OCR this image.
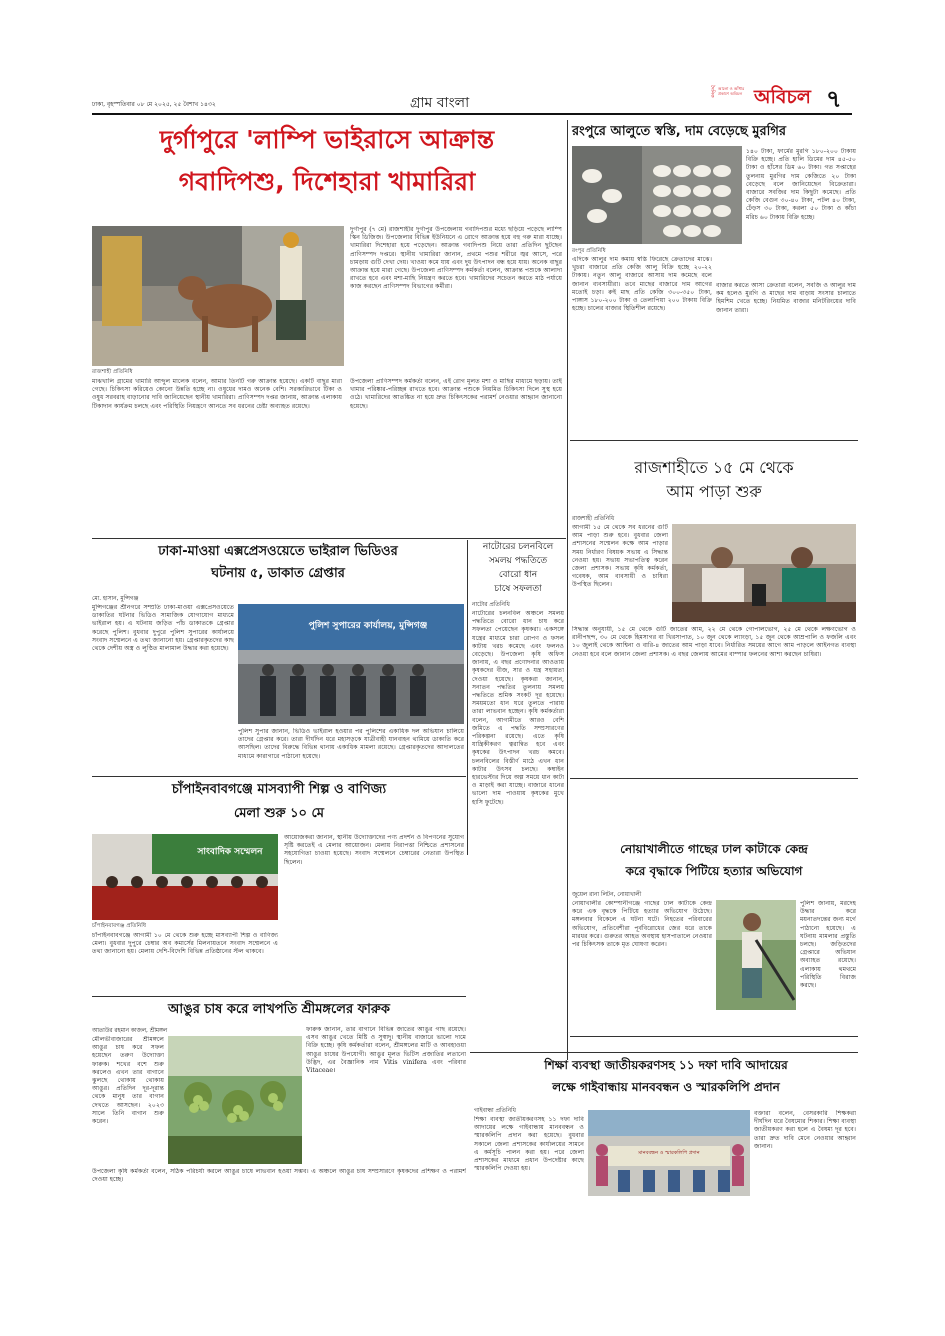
ঢাকা, বৃহস্পতিবার ০৮ মে ২০২৫, ২৫ বৈশাখ ১৪৩২	গ্রাম বাংলা
দৈনিক আলো ও আঁধার প্রকাশে অবিচল অবিচল ৭
দুর্গাপুরে 'লাম্পি ভাইরাসে আক্রান্ত
গবাদিপশু, দিশেহারা খামারিরা
রাজশাহী প্রতিনিধি
দুর্গাপুর (৭ মে) রাজশাহীর দুর্গাপুর উপজেলায় গবাদিপশুর মধ্যে ছড়িয়ে পড়েছে লাম্পি স্কিন ডিজিজ। উপজেলার বিভিন্ন ইউনিয়নে এ রোগে আক্রান্ত হয়ে বহু গরু মারা যাচ্ছে। খামারিরা দিশেহারা হয়ে পড়েছেন। আক্রান্ত গবাদিপশু নিয়ে তারা প্রতিদিন ছুটছেন প্রাণিসম্পদ দপ্তরে। স্থানীয় খামারিরা জানান, প্রথমে পশুর শরীরে জ্বর আসে, পরে চামড়ায় গুটি দেখা দেয়। খাওয়া কমে যায় এবং দুধ উৎপাদন বন্ধ হয়ে যায়। অনেক বাছুর আক্রান্ত হয়ে মারা গেছে। উপজেলা প্রাণিসম্পদ কর্মকর্তা বলেন, আক্রান্ত পশুকে আলাদা রাখতে হবে এবং মশা-মাছি নিয়ন্ত্রণ করতে হবে। খামারিদের সচেতন করতে মাঠ পর্যায়ে কাজ করছেন প্রাণিসম্পদ বিভাগের কর্মীরা।
মাঝখালি গ্রামের খামারি আব্দুল মালেক বলেন, আমার তিনটি গরু আক্রান্ত হয়েছে। একটি বাছুর মারা গেছে। চিকিৎসা করিয়েও কোনো উন্নতি হচ্ছে না। ওষুধের দামও অনেক বেশি। সরকারিভাবে টিকা ও ওষুধ সরবরাহ বাড়ানোর দাবি জানিয়েছেন স্থানীয় খামারিরা। প্রাণিসম্পদ দপ্তর জানায়, আক্রান্ত এলাকায় টিকাদান কার্যক্রম চলছে এবং পরিস্থিতি নিয়ন্ত্রণে আনতে সব ধরনের চেষ্টা অব্যাহত রয়েছে।
উপজেলা প্রাণিসম্পদ কর্মকর্তা বলেন, এই রোগ মূলত মশা ও মাছির মাধ্যমে ছড়ায়। তাই খামার পরিষ্কার-পরিচ্ছন্ন রাখতে হবে। আক্রান্ত পশুকে নিয়মিত চিকিৎসা দিলে সুস্থ হয়ে ওঠে। খামারিদের আতঙ্কিত না হয়ে দ্রুত চিকিৎসকের পরামর্শ নেওয়ার আহ্বান জানানো হয়েছে।
রংপুরে আলুতে স্বস্তি, দাম বেড়েছে মুরগির
রংপুর প্রতিনিধি
১৪০ টাকা, ফার্মের মুরগি ১৮০-২০০ টাকায় বিক্রি হচ্ছে। প্রতি হালি ডিমের দাম ৪৫-৫০ টাকা ও হাঁসের ডিম ৬০ টাকা। গত সপ্তাহের তুলনায় মুরগির দাম কেজিতে ২০ টাকা বেড়েছে বলে জানিয়েছেন বিক্রেতারা। বাজারে সবজির দাম কিছুটা কমেছে। প্রতি কেজি বেগুন ৩০-৪০ টাকা, পটল ৪০ টাকা, ঢেঁড়স ৩০ টাকা, করলা ৫০ টাকা ও কাঁচা মরিচ ৬০ টাকায় বিক্রি হচ্ছে।
এদিকে আলুর দাম কমায় স্বস্তি ফিরেছে ক্রেতাদের মাঝে। খুচরা বাজারে প্রতি কেজি আলু বিক্রি হচ্ছে ২০-২২ টাকায়। নতুন আলু বাজারে আসায় দাম কমেছে বলে জানান ব্যবসায়ীরা। তবে মাছের বাজারে দাম আগের মতোই চড়া। রুই মাছ প্রতি কেজি ৩০০-৩৫০ টাকা, পাঙ্গাস ১৮০-২০০ টাকা ও তেলাপিয়া ২০০ টাকায় বিক্রি হচ্ছে। চালের বাজার স্থিতিশীল রয়েছে।
বাজার করতে আসা ক্রেতারা বলেন, সবজি ও আলুর দাম কম হলেও মুরগি ও মাছের দাম বাড়ায় সংসার চালাতে হিমশিম খেতে হচ্ছে। নিয়মিত বাজার মনিটরিংয়ের দাবি জানান তারা।
রাজশাহীতে ১৫ মে থেকে
আম পাড়া শুরু
রাজশাহী প্রতিনিধি
আগামী ১৫ মে থেকে সব ধরনের গুটি আম পাড়া শুরু হবে। বুধবার জেলা প্রশাসনের সম্মেলন কক্ষে আম পাড়ার সময় নির্ধারণ বিষয়ক সভায় এ সিদ্ধান্ত নেওয়া হয়। সভায় সভাপতিত্ব করেন জেলা প্রশাসক। সভায় কৃষি কর্মকর্তা, গবেষক, আম ব্যবসায়ী ও চাষিরা উপস্থিত ছিলেন।
সিদ্ধান্ত অনুযায়ী, ১৫ মে থেকে গুটি জাতের আম, ২২ মে থেকে গোপালভোগ, ২৫ মে থেকে লক্ষণভোগ ও রানীপছন্দ, ৩০ মে থেকে হিমসাগর বা খিরসাপাত, ১০ জুন থেকে ল্যাংড়া, ১৫ জুন থেকে আম্রপালি ও ফজলি এবং ১০ জুলাই থেকে আশ্বিনা ও বারি-৪ জাতের আম পাড়া যাবে। নির্ধারিত সময়ের আগে আম পাড়লে আইনগত ব্যবস্থা নেওয়া হবে বলে জানান জেলা প্রশাসক। এ বছর জেলায় আমের বাম্পার ফলনের আশা করছেন চাষিরা।
ঢাকা-মাওয়া এক্সপ্রেসওয়েতে ভাইরাল ভিডিওর
ঘটনায় ৫, ডাকাত গ্রেপ্তার
মো. হাসান, মুন্সিগঞ্জ
মুন্সিগঞ্জের শ্রীনগরে সম্প্রতি ঢাকা-মাওয়া এক্সপ্রেসওয়েতে ডাকাতির ঘটনার ভিডিও সামাজিক যোগাযোগ মাধ্যমে ভাইরাল হয়। এ ঘটনায় জড়িত পাঁচ ডাকাতকে গ্রেপ্তার করেছে পুলিশ। বুধবার দুপুরে পুলিশ সুপারের কার্যালয়ে সংবাদ সম্মেলনে এ তথ্য জানানো হয়। গ্রেপ্তারকৃতদের কাছ থেকে দেশীয় অস্ত্র ও লুণ্ঠিত মালামাল উদ্ধার করা হয়েছে।
পুলিশ সুপারের কার্যালয়, মুন্সিগঞ্জ
পুলিশ সুপার জানান, ভিডিও ভাইরাল হওয়ার পর পুলিশের একাধিক দল অভিযান চালিয়ে তাদের গ্রেপ্তার করে। তারা দীর্ঘদিন ধরে মহাসড়কে যাত্রীবাহী যানবাহন থামিয়ে ডাকাতি করে আসছিল। তাদের বিরুদ্ধে বিভিন্ন থানায় একাধিক মামলা রয়েছে। গ্রেপ্তারকৃতদের আদালতের মাধ্যমে কারাগারে পাঠানো হয়েছে।
নাটোরের চলনবিলে
সমলয় পদ্ধতিতে
বোরো ধান
চাষে সফলতা
নাটোর প্রতিনিধি
নাটোরের চলনবিল অঞ্চলে সমলয় পদ্ধতিতে বোরো ধান চাষ করে সফলতা পেয়েছেন কৃষকরা। একসঙ্গে যন্ত্রের মাধ্যমে চারা রোপণ ও ফসল কাটায় খরচ কমেছে এবং ফলনও বেড়েছে। উপজেলা কৃষি অফিস জানায়, এ বছর প্রণোদনার আওতায় কৃষকদের বীজ, সার ও যন্ত্র সহায়তা দেওয়া হয়েছে। কৃষকরা জানান, সনাতন পদ্ধতির তুলনায় সমলয় পদ্ধতিতে শ্রমিক সংকট দূর হয়েছে। সময়মতো ধান ঘরে তুলতে পারায় তারা লাভবান হচ্ছেন। কৃষি কর্মকর্তারা বলেন, আগামীতে আরও বেশি জমিতে এ পদ্ধতি সম্প্রসারণের পরিকল্পনা রয়েছে। এতে কৃষি যান্ত্রিকীকরণ ত্বরান্বিত হবে এবং কৃষকের উৎপাদন খরচ কমবে। চলনবিলের বিস্তীর্ণ মাঠে এখন ধান কাটার উৎসব চলছে। কম্বাইন হারভেস্টার দিয়ে অল্প সময়ে ধান কাটা ও মাড়াই করা যাচ্ছে। বাজারে ধানের ভালো দাম পাওয়ায় কৃষকের মুখে হাসি ফুটেছে।
চাঁপাইনবাবগঞ্জে মাসব্যাপী শিল্প ও বাণিজ্য
মেলা শুরু ১০ মে
সাংবাদিক সম্মেলন
চাঁপাইনবাবগঞ্জ প্রতিনিধি
চাঁপাইনবাবগঞ্জে আগামী ১০ মে থেকে শুরু হচ্ছে মাসব্যাপী শিল্প ও বাণিজ্য মেলা। বুধবার দুপুরে চেম্বার অব কমার্সের মিলনায়তনে সংবাদ সম্মেলনে এ তথ্য জানানো হয়। মেলায় দেশি-বিদেশি বিভিন্ন প্রতিষ্ঠানের স্টল থাকবে।
আয়োজকরা জানান, স্থানীয় উদ্যোক্তাদের পণ্য প্রদর্শন ও বিপণনের সুযোগ সৃষ্টি করতেই এ মেলার আয়োজন। মেলায় নিরাপত্তা নিশ্চিতে প্রশাসনের সহযোগিতা চাওয়া হয়েছে। সংবাদ সম্মেলনে চেম্বারের নেতারা উপস্থিত ছিলেন।
আঙুর চাষ করে লাখপতি শ্রীমঙ্গলের ফারুক
আতাউর রহমান কাজল, শ্রীমঙ্গল
মৌলভীবাজারের শ্রীমঙ্গলে আঙুর চাষ করে সফল হয়েছেন তরুণ উদ্যোক্তা ফারুক। শখের বশে শুরু করলেও এখন তার বাগানে ঝুলছে থোকায় থোকায় আঙুর। প্রতিদিন দূর-দূরান্ত থেকে মানুষ তার বাগান দেখতে আসছেন। ২০২৩ সালে তিনি বাগান শুরু করেন।
ফারুক জানান, তার বাগানে বিভিন্ন জাতের আঙুর গাছ রয়েছে। এসব আঙুর খেতে মিষ্টি ও সুস্বাদু। স্থানীয় বাজারে ভালো দামে বিক্রি হচ্ছে। কৃষি কর্মকর্তারা বলেন, শ্রীমঙ্গলের মাটি ও আবহাওয়া আঙুর চাষের উপযোগী। আঙুর মূলত ভিটিস প্রজাতির লতানো উদ্ভিদ, এর বৈজ্ঞানিক নাম Vitis vinifera এবং পরিবার Vitaceae।
উপজেলা কৃষি কর্মকর্তা বলেন, সঠিক পরিচর্যা করলে আঙুর চাষে লাভবান হওয়া সম্ভব। এ অঞ্চলে আঙুর চাষ সম্প্রসারণে কৃষকদের প্রশিক্ষণ ও পরামর্শ দেওয়া হচ্ছে।
নোয়াখালীতে গাছের ঢাল কাটাকে কেন্দ্র
করে বৃদ্ধাকে পিটিয়ে হত্যার অভিযোগ
জুয়েল রানা লিটন, নোয়াখালী
নোয়াখালীর কোম্পানীগঞ্জে গাছের ঢাল কাটাকে কেন্দ্র করে এক বৃদ্ধকে পিটিয়ে হত্যার অভিযোগ উঠেছে। মঙ্গলবার বিকেলে এ ঘটনা ঘটে। নিহতের পরিবারের অভিযোগ, প্রতিবেশীরা পূর্ববিরোধের জের ধরে তাকে মারধর করে। গুরুতর আহত অবস্থায় হাসপাতালে নেওয়ার পর চিকিৎসক তাকে মৃত ঘোষণা করেন।
পুলিশ জানায়, মরদেহ উদ্ধার করে ময়নাতদন্তের জন্য মর্গে পাঠানো হয়েছে। এ ঘটনায় মামলার প্রস্তুতি চলছে। জড়িতদের গ্রেপ্তারে অভিযান অব্যাহত রয়েছে। এলাকায় থমথমে পরিস্থিতি বিরাজ করছে।
শিক্ষা ব্যবস্থা জাতীয়করণসহ ১১ দফা দাবি আদায়ের
লক্ষে গাইবান্ধায় মানববন্ধন ও স্মারকলিপি প্রদান
গাইবান্ধা প্রতিনিধি
শিক্ষা ব্যবস্থা জাতীয়করণসহ ১১ দফা দাবি আদায়ের লক্ষে গাইবান্ধায় মানববন্ধন ও স্মারকলিপি প্রদান করা হয়েছে। বুধবার সকালে জেলা প্রশাসকের কার্যালয়ের সামনে এ কর্মসূচি পালন করা হয়। পরে জেলা প্রশাসকের মাধ্যমে প্রধান উপদেষ্টার কাছে স্মারকলিপি দেওয়া হয়।
মানববন্ধন ও স্মারকলিপি প্রদান
বক্তারা বলেন, বেসরকারি শিক্ষকরা দীর্ঘদিন ধরে বৈষম্যের শিকার। শিক্ষা ব্যবস্থা জাতীয়করণ করা হলে এ বৈষম্য দূর হবে। তারা দ্রুত দাবি মেনে নেওয়ার আহ্বান জানান।
